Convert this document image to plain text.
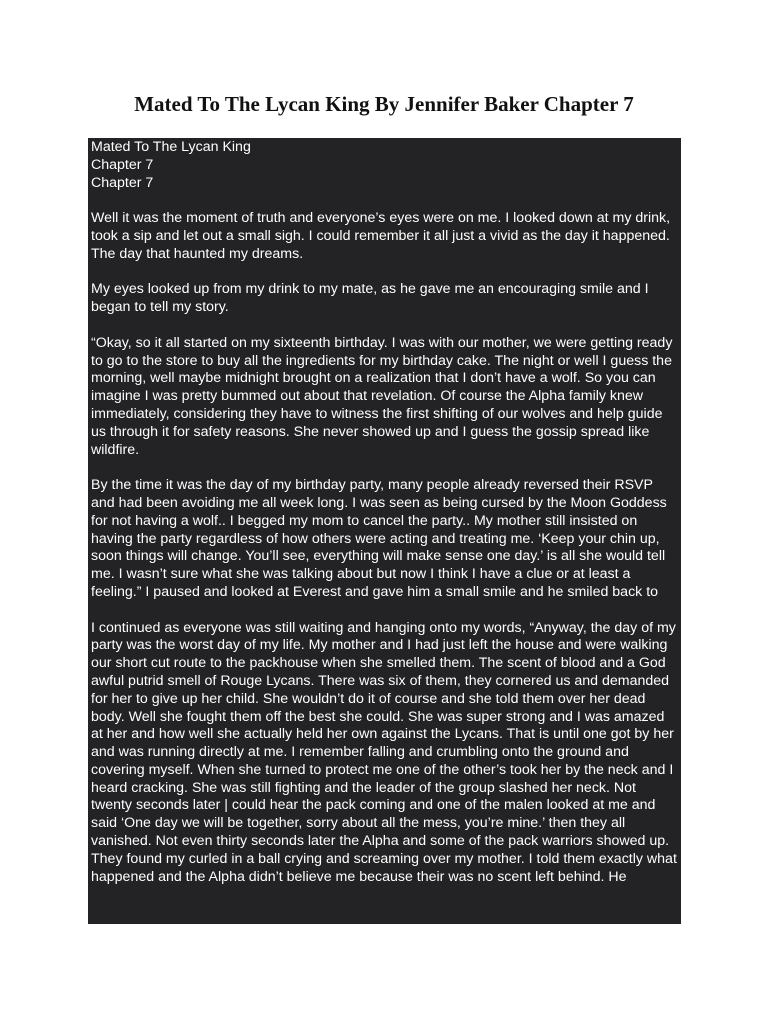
Mated To The Lycan King By Jennifer Baker Chapter 7
Mated To The Lycan King
Chapter 7
Chapter 7

Well it was the moment of truth and everyone’s eyes were on me. I looked down at my drink, took a sip and let out a small sigh. I could remember it all just a vivid as the day it happened. The day that haunted my dreams.

My eyes looked up from my drink to my mate, as he gave me an encouraging smile and I began to tell my story.

“Okay, so it all started on my sixteenth birthday. I was with our mother, we were getting ready to go to the store to buy all the ingredients for my birthday cake. The night or well I guess the morning, well maybe midnight brought on a realization that I don’t have a wolf. So you can imagine I was pretty bummed out about that revelation. Of course the Alpha family knew immediately, considering they have to witness the first shifting of our wolves and help guide us through it for safety reasons. She never showed up and I guess the gossip spread like wildfire.

By the time it was the day of my birthday party, many people already reversed their RSVP and had been avoiding me all week long. I was seen as being cursed by the Moon Goddess for not having a wolf.. I begged my mom to cancel the party.. My mother still insisted on having the party regardless of how others were acting and treating me. ‘Keep your chin up, soon things will change. You’ll see, everything will make sense one day.’ is all she would tell me. I wasn’t sure what she was talking about but now I think I have a clue or at least a feeling.” I paused and looked at Everest and gave him a small smile and he smiled back to

I continued as everyone was still waiting and hanging onto my words, “Anyway, the day of my party was the worst day of my life. My mother and I had just left the house and were walking our short cut route to the packhouse when she smelled them. The scent of blood and a God awful putrid smell of Rouge Lycans. There was six of them, they cornered us and demanded for her to give up her child. She wouldn’t do it of course and she told them over her dead body. Well she fought them off the best she could. She was super strong and I was amazed at her and how well she actually held her own against the Lycans. That is until one got by her and was running directly at me. I remember falling and crumbling onto the ground and covering myself. When she turned to protect me one of the other’s took her by the neck and I heard cracking. She was still fighting and the leader of the group slashed her neck. Not twenty seconds later | could hear the pack coming and one of the malen looked at me and said ‘One day we will be together, sorry about all the mess, you’re mine.’ then they all vanished. Not even thirty seconds later the Alpha and some of the pack warriors showed up. They found my curled in a ball crying and screaming over my mother. I told them exactly what happened and the Alpha didn’t believe me because their was no scent left behind. He
